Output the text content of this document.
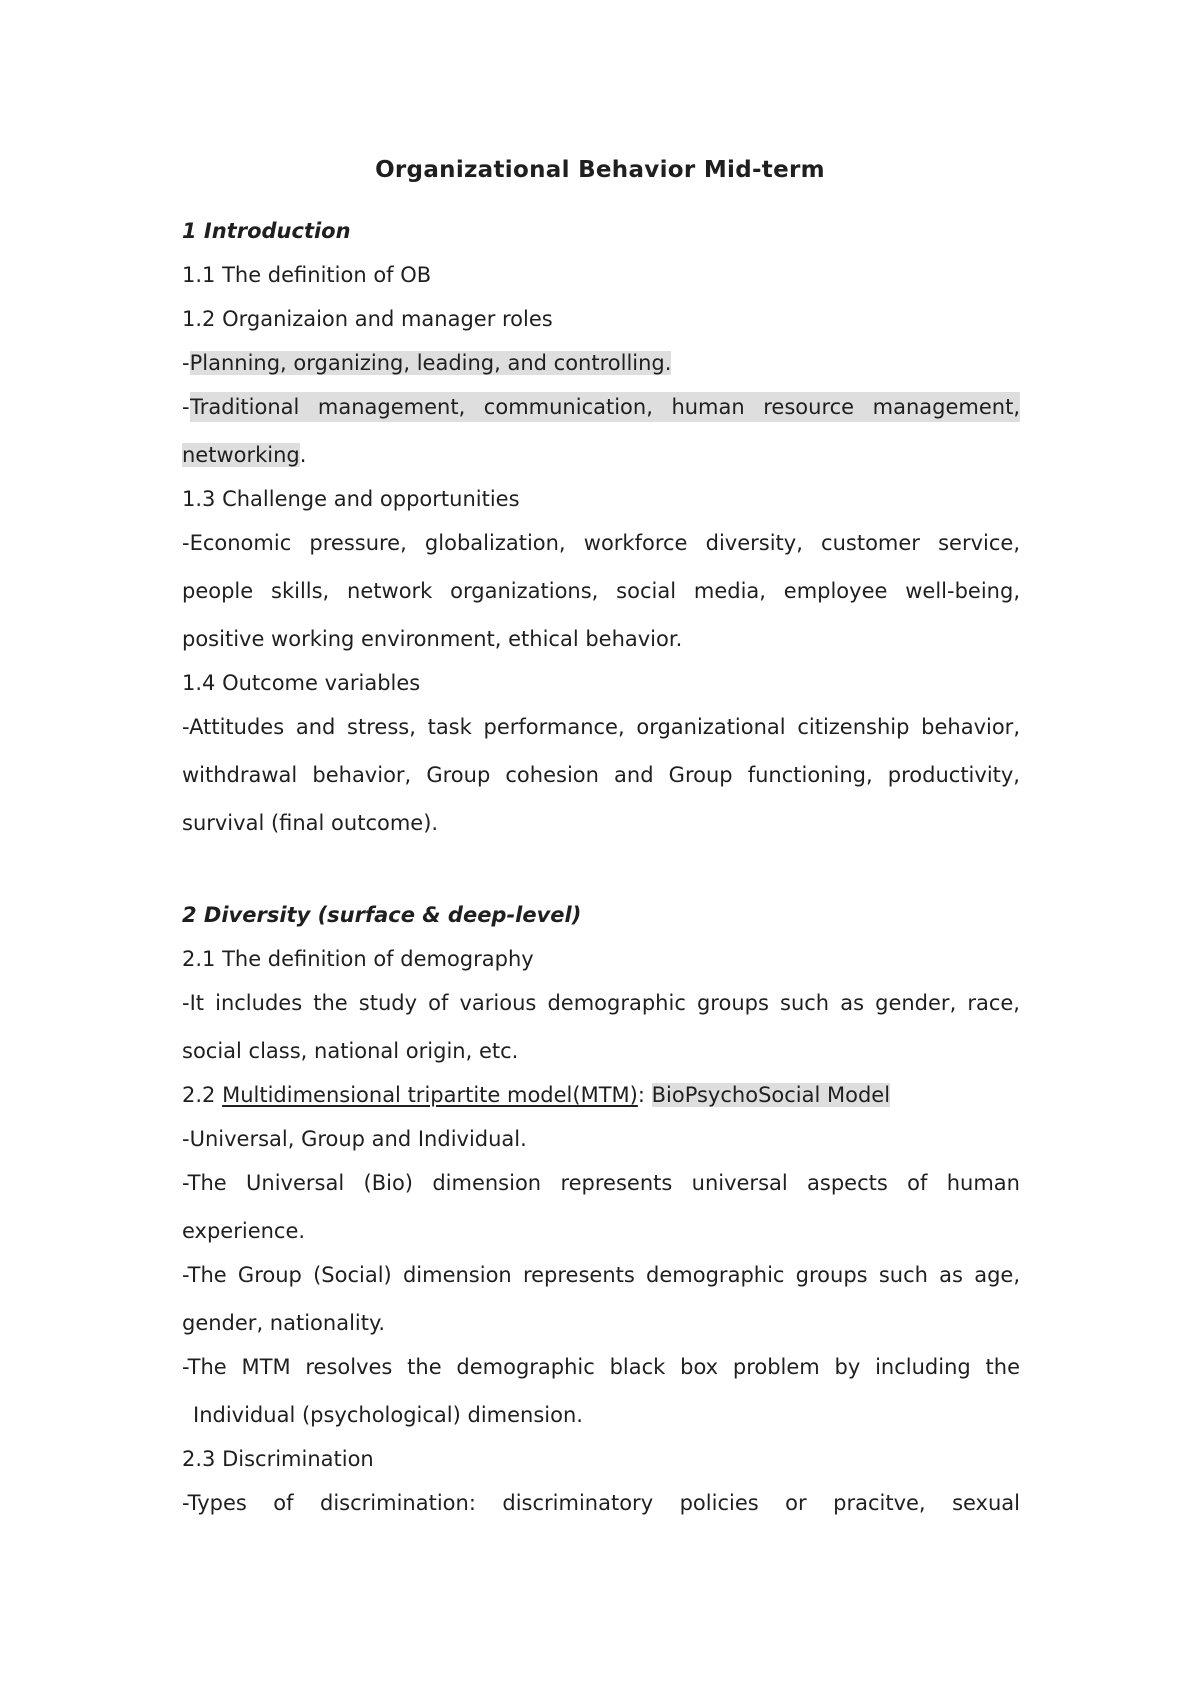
Organizational Behavior Mid-term
1 Introduction
1.1 The definition of OB
1.2 Organizaion and manager roles
-Planning, organizing, leading, and controlling.
Traditional management, communication, human resource management,
-
networking.
1.3 Challenge and opportunities
-Economic pressure, globalization, workforce diversity, customer service,
people skills, network organizations, social media, employee well-being,
positive working environment, ethical behavior.
1.4 Outcome variables
-Attitudes and stress, task performance, organizational citizenship behavior,
withdrawal behavior, Group cohesion and Group functioning, productivity,
survival (final outcome).
2 Diversity (surface & deep-level)
2.1 The definition of demography
-It includes the study of various demographic groups such as gender, race,
social class, national origin, etc.
2.2 Multidimensional tripartite model(MTM): BioPsychoSocial Model
-Universal, Group and Individual.
-The Universal (Bio) dimension represents universal aspects of human
experience.
-The Group (Social) dimension represents demographic groups such as age,
gender, nationality.
-The MTM resolves the demographic black box problem by including the
Individual (psychological) dimension.
2.3 Discrimination
-Types of discrimination: discriminatory policies or pracitve, sexual
